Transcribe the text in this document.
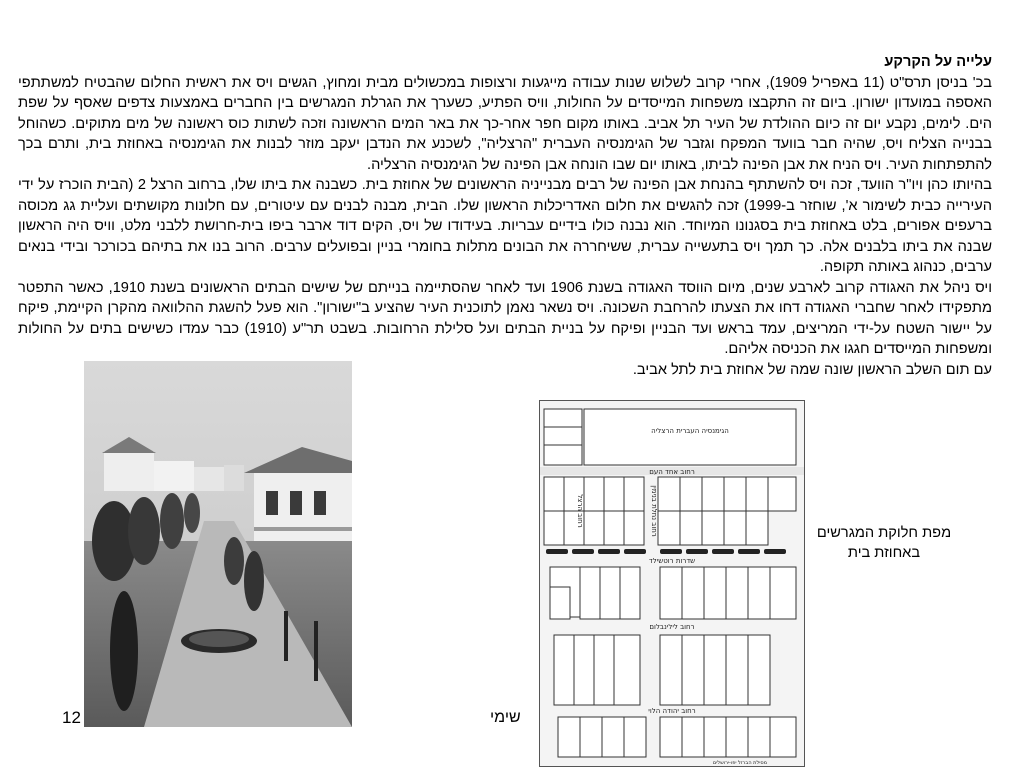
עלייה על הקרקע

בכ' בניסן תרס"ט (11 באפריל 1909), אחרי קרוב לשלוש שנות עבודה מייגעות ורצופות במכשולים מבית ומחוץ, הגשים ויס את ראשית החלום שהבטיח למשתתפי האספה במועדון ישורון. ביום זה התקבצו משפחות המייסדים על החולות, וויס הפתיע, כשערך את הגרלת המגרשים בין החברים באמצעות צדפים שאסף על שפת הים. לימים, נקבע יום זה כיום ההולדת של העיר תל אביב. באותו מקום חפר אחר-כך את באר המים הראשונה וזכה לשתות כוס ראשונה של מים מתוקים. כשהוחל בבנייה הצליח ויס, שהיה חבר בוועד המפקח וגזבר של הגימנסיה העברית "הרצליה", לשכנע את הנדבן יעקב מוזר לבנות את הגימנסיה באחוזת בית, ותרם בכך להתפתחות העיר. ויס הניח את אבן הפינה לביתו, באותו יום שבו הונחה אבן הפינה של הגימנסיה הרצליה.

בהיותו כהן ויו"ר הוועד, זכה ויס להשתתף בהנחת אבן הפינה של רבים מבנייניה הראשונים של אחוזת בית. כשבנה את ביתו שלו, ברחוב הרצל 2 (הבית הוכרז על ידי העירייה כבית לשימור א', שוחזר ב-1999) זכה להגשים את חלום האדריכלות הראשון שלו. הבית, מבנה לבנים עם עיטורים, עם חלונות מקושתים ועליית גג מכוסה ברעפים אפורים, בלט באחוזת בית בסגנונו המיוחד. הוא נבנה כולו בידיים עבריות. בעידודו של ויס, הקים דוד ארבר ביפו בית-חרושת ללבני מלט, וויס היה הראשון שבנה את ביתו בלבנים אלה. כך תמך ויס בתעשייה עברית, ששיחררה את הבונים מתלות בחומרי בניין ובפועלים ערבים. הרוב בנו את בתיהם בכורכר ובידי בנאים ערבים, כנהוג באותה תקופה.

ויס ניהל את האגודה קרוב לארבע שנים, מיום הווסד האגודה בשנת 1906 ועד לאחר שהסתיימה בנייתם של שישים הבתים הראשונים בשנת 1910, כאשר התפטר מתפקידו לאחר שחברי האגודה דחו את הצעתו להרחבת השכונה. ויס נשאר נאמן לתוכנית העיר שהציע ב"ישורון". הוא פעל להשגת ההלוואה מהקרן הקיימת, פיקח על יישור השטח על-ידי המריצים, עמד בראש ועד הבניין ופיקח על בניית הבתים ועל סלילת הרחובות. בשבט תר"ע (1910) כבר עמדו כשישים בתים על החולות ומשפחות המייסדים חגגו את הכניסה אליהם.

עם תום השלב הראשון שונה שמה של אחוזת בית לתל אביב.

הגימנסיה העברית הרצליה
רחוב אחד העם
שדרות רוטשילד
רחוב לילינבלום
רחוב יהודה הלוי
מסילת הברזל יפו-ירושלים
רחוב הרצל	רחוב נחלת בנימין	מפת חלוקת המגרשים
באחוזת בית
שימי
12
